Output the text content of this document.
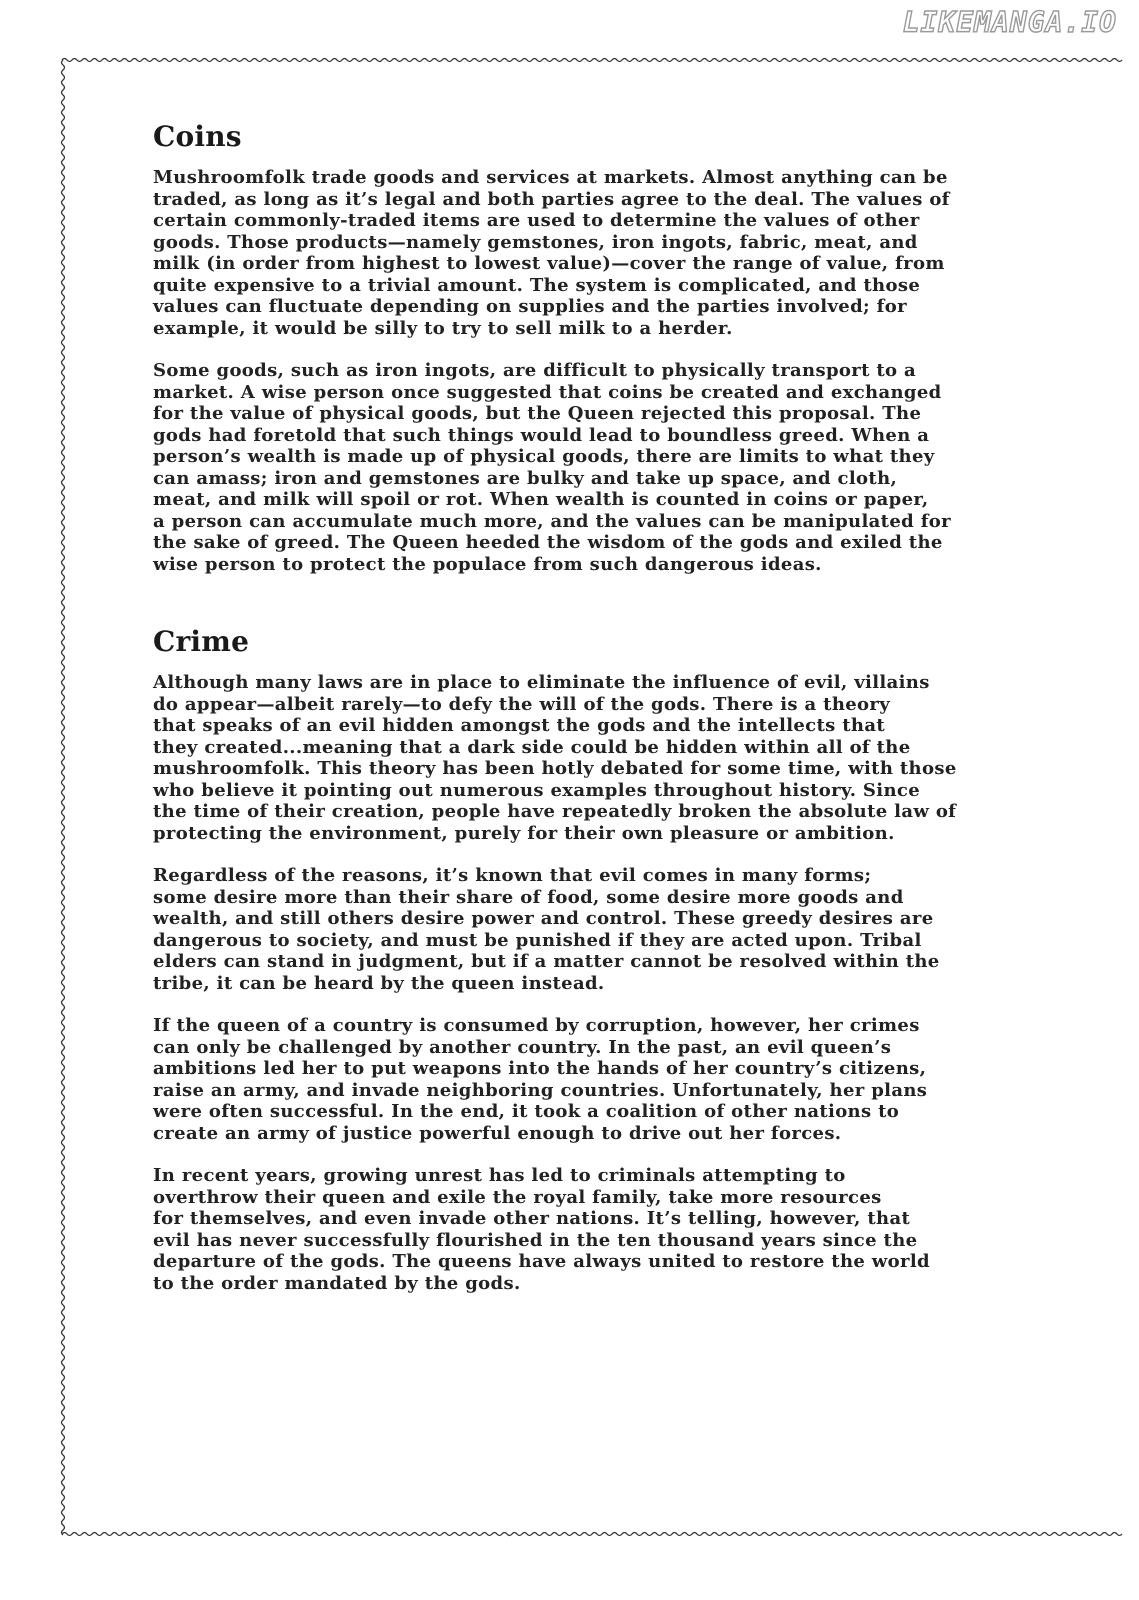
LIKEMANGA.IO
Coins

Mushroomfolk trade goods and services at markets. Almost anything can be
traded, as long as it’s legal and both parties agree to the deal. The values of
certain commonly-traded items are used to determine the values of other
goods. Those products—namely gemstones, iron ingots, fabric, meat, and
milk (in order from highest to lowest value)—cover the range of value, from
quite expensive to a trivial amount. The system is complicated, and those
values can fluctuate depending on supplies and the parties involved; for
example, it would be silly to try to sell milk to a herder.

Some goods, such as iron ingots, are difficult to physically transport to a
market. A wise person once suggested that coins be created and exchanged
for the value of physical goods, but the Queen rejected this proposal. The
gods had foretold that such things would lead to boundless greed. When a
person’s wealth is made up of physical goods, there are limits to what they
can amass; iron and gemstones are bulky and take up space, and cloth,
meat, and milk will spoil or rot. When wealth is counted in coins or paper,
a person can accumulate much more, and the values can be manipulated for
the sake of greed. The Queen heeded the wisdom of the gods and exiled the
wise person to protect the populace from such dangerous ideas.

Crime

Although many laws are in place to eliminate the influence of evil, villains
do appear—albeit rarely—to defy the will of the gods. There is a theory
that speaks of an evil hidden amongst the gods and the intellects that
they created...meaning that a dark side could be hidden within all of the
mushroomfolk. This theory has been hotly debated for some time, with those
who believe it pointing out numerous examples throughout history. Since
the time of their creation, people have repeatedly broken the absolute law of
protecting the environment, purely for their own pleasure or ambition.

Regardless of the reasons, it’s known that evil comes in many forms;
some desire more than their share of food, some desire more goods and
wealth, and still others desire power and control. These greedy desires are
dangerous to society, and must be punished if they are acted upon. Tribal
elders can stand in judgment, but if a matter cannot be resolved within the
tribe, it can be heard by the queen instead.

If the queen of a country is consumed by corruption, however, her crimes
can only be challenged by another country. In the past, an evil queen’s
ambitions led her to put weapons into the hands of her country’s citizens,
raise an army, and invade neighboring countries. Unfortunately, her plans
were often successful. In the end, it took a coalition of other nations to
create an army of justice powerful enough to drive out her forces.

In recent years, growing unrest has led to criminals attempting to
overthrow their queen and exile the royal family, take more resources
for themselves, and even invade other nations. It’s telling, however, that
evil has never successfully flourished in the ten thousand years since the
departure of the gods. The queens have always united to restore the world
to the order mandated by the gods.
